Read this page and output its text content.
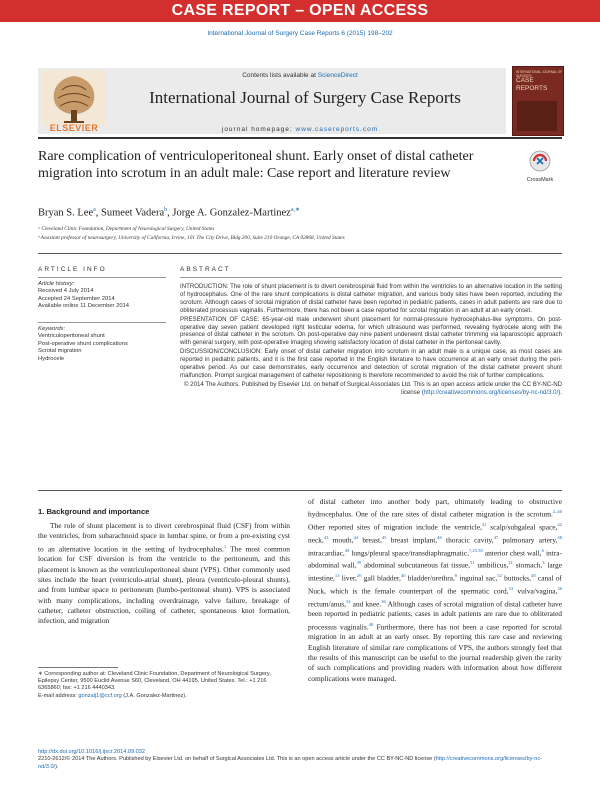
CASE REPORT – OPEN ACCESS
International Journal of Surgery Case Reports 6 (2015) 198–202
ELSEVIER
Contents lists available at ScienceDirect
International Journal of Surgery Case Reports
journal homepage: www.casereports.com
INTERNATIONAL JOURNAL OF SURGERY
CASE REPORTS
Rare complication of ventriculoperitoneal shunt. Early onset of distal catheter migration into scrotum in an adult male: Case report and literature review	CrossMark
Bryan S. Lee$^a$, Sumeet Vadera$^b$, Jorge A. Gonzalez-Martinez$^{a,∗}$
ᵃ Cleveland Clinic Foundation, Department of Neurological Surgery, United States
ᵇ Assistant professor of neurosurgery, University of California, Irvine, 101 The City Drive, Bldg 200, Suite 210 Orange, CA 92868, United States
ARTICLE INFO
Article history:
Received 4 July 2014
Accepted 24 September 2014
Available online 11 December 2014
Keywords:
Ventriculoperitoneal shunt
Post-operative shunt complications
Scrotal migration
Hydrocele
ABSTRACT

INTRODUCTION: The role of shunt placement is to divert cerebrospinal fluid from within the ventricles to an alternative location in the setting of hydrocephalus. One of the rare shunt complications is distal catheter migration, and various body sites have been reported, including the scrotum. Although cases of scrotal migration of distal catheter have been reported in pediatric patients, cases in adult patients are rare due to obliterated processus vaginalis. Furthermore, there has not been a case reported for scrotal migration in an adult at an early onset.

PRESENTATION OF CASE: 65-year-old male underwent shunt placement for normal-pressure hydrocephalus-like symptoms. On post-operative day seven patient developed right testicular edema, for which ultrasound was performed, revealing hydrocele along with the presence of distal catheter in the scrotum. On post-operative day nine patient underwent distal catheter trimming via laparoscopic approach with general surgery, with post-operative imaging showing satisfactory location of distal catheter in the peritoneal cavity.

DISCUSSION/CONCLUSION: Early onset of distal catheter migration into scrotum in an adult male is a unique case, as most cases are reported in pediatric patients, and it is the first case reported in the English literature to have occurrence at an early onset during the peri-operative period. As our case demonstrates, early occurrence and detection of scrotal migration of the distal catheter prevent shunt malfunction. Prompt surgical management of catheter repositioning is therefore recommended to avoid the risk of further complications.

© 2014 The Authors. Published by Elsevier Ltd. on behalf of Surgical Associates Ltd. This is an open access article under the CC BY-NC-ND license (http://creativecommons.org/licenses/by-nc-nd/3.0/).

1. Background and importance

The role of shunt placement is to divert cerebrospinal fluid (CSF) from within the ventricles, from subarachnoid space in lumbar spine, or from a pre-existing cyst to an alternative location in the setting of hydrocephalus.$^1$ The most common location for CSF diversion is from the ventricle to the peritoneum, and this placement is known as the ventriculoperitoneal shunt (VPS). Other commonly used sites include the heart (ventriculo-atrial shunt), pleura (ventriculo-pleural shunts), and from lumbar space to peritoneum (lumbo-peritoneal shunt). VPS is associated with many complications, including overdrainage, valve failure, breakage of catheter, catheter obstruction, coiling of catheter, spontaneous knot formation, infection, and migration

of distal catheter into another body part, ultimately leading to obstructive hydrocephalus. One of the rare sites of distal catheter migration is the scrotum.$^{2-40}$ Other reported sites of migration include the ventricle,$^{41}$ scalp/subgaleal space,$^{42}$ neck,$^{43}$ mouth,$^{44}$ breast,$^{45}$ breast implant,$^{46}$ thoracic cavity,$^{47}$ pulmonary artery,$^{48}$ intracardiac,$^{49}$ lungs/pleural space/transdiaphragmatic,$^{7,25,50}$ anterior chest wall,$^6$ intra-abdominal wall,$^{39}$ abdominal subcutaneous fat tissue,$^{51}$ umbilicus,$^{21}$ stomach,$^3$ large intestine,$^{13}$ liver,$^{26}$ gall bladder,$^{40}$ bladder/urethra,$^8$ inguinal sac,$^{52}$ buttocks,$^{48}$ canal of Nuck, which is the female counterpart of the spermatic cord,$^{53}$ vulva/vagina,$^{36}$ rectum/anus,$^{54}$ and knee.$^{36}$ Although cases of scrotal migration of distal catheter have been reported in pediatric patients, cases in adult patients are rare due to obliterated processus vaginalis.$^{48}$ Furthermore, there has not been a case reported for scrotal migration in an adult at an early onset. By reporting this rare case and reviewing English literature of similar rare complications of VPS, the authors strongly feel that the results of this manuscript can be useful to the journal readership given the rarity of such complications and providing readers with information about how different complications were managed.

∗ Corresponding author at: Cleveland Clinic Foundation, Department of Neurological Surgery, Epilepsy Center, 9500 Euclid Avenue S60, Cleveland, OH 44195, United States. Tel.: +1 216 6365860; fax: +1 216 4440343.
E-mail address: gonzalj1@ccf.org (J.A. Gonzalez-Martinez).
http://dx.doi.org/10.1016/j.ijscr.2014.09.032
2210-2612/© 2014 The Authors. Published by Elsevier Ltd. on behalf of Surgical Associates Ltd. This is an open access article under the CC BY-NC-ND license (http://creativecommons.org/licenses/by-nc-nd/3.0/).
